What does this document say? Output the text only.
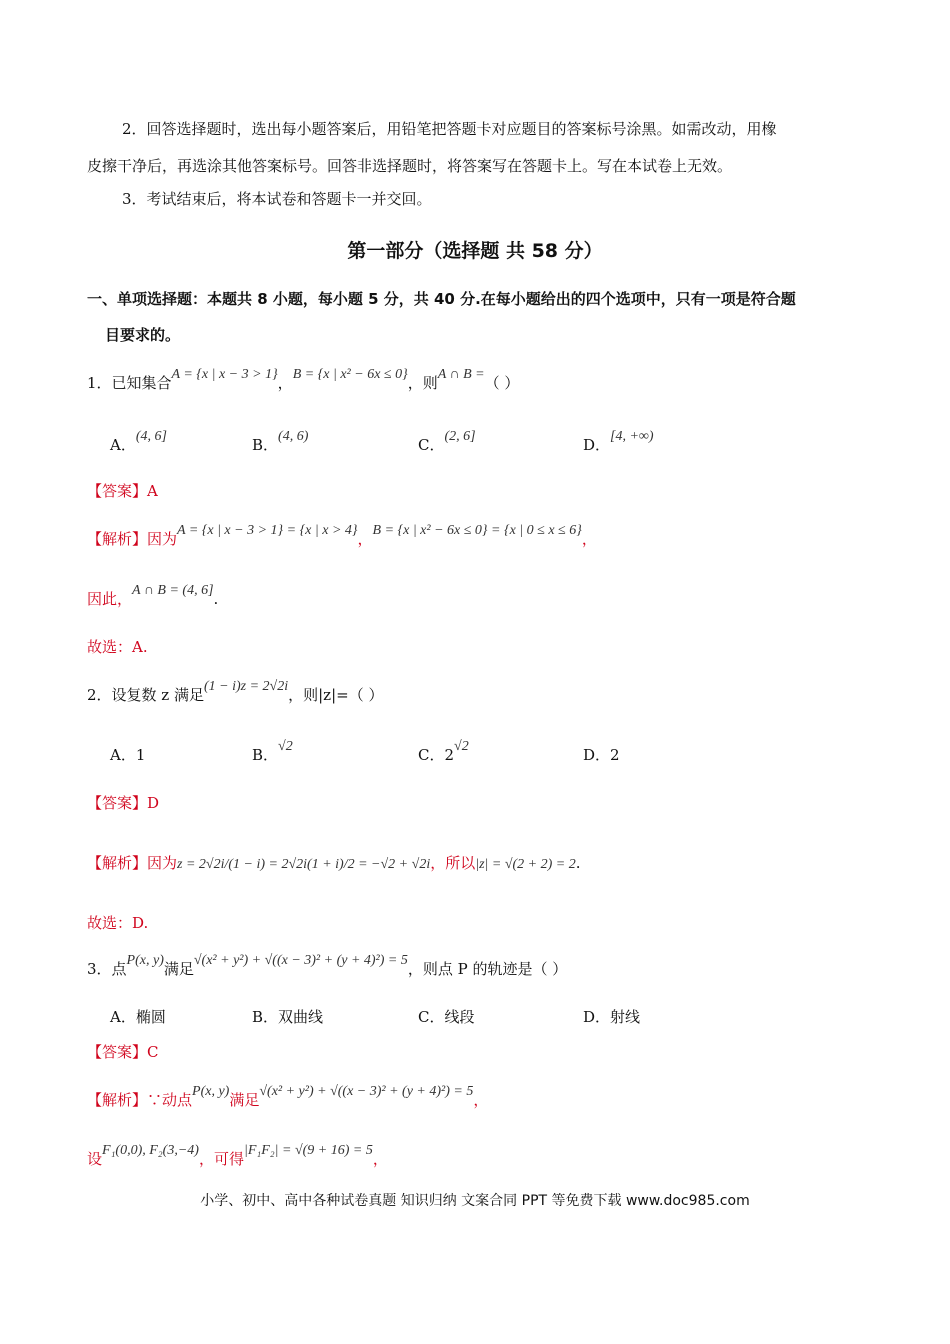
2．回答选择题时，选出每小题答案后，用铅笔把答题卡对应题目的答案标号涂黑。如需改动，用橡
皮擦干净后，再选涂其他答案标号。回答非选择题时，将答案写在答题卡上。写在本试卷上无效。
3．考试结束后，将本试卷和答题卡一并交回。
第一部分（选择题 共 58 分）
一、单项选择题：本题共 8 小题，每小题 5 分，共 40 分.在每小题给出的四个选项中，只有一项是符合题
目要求的。
1．已知集合A = {x | x − 3 > 1}，B = {x | x² − 6x ≤ 0}，则A ∩ B =（ ）
A．(4, 6]	B．(4, 6)	C．(2, 6]	D．[4, +∞)
【答案】A
【解析】因为A = {x | x − 3 > 1} = {x | x > 4}，B = {x | x² − 6x ≤ 0} = {x | 0 ≤ x ≤ 6}，
因此，A ∩ B = (4, 6].
故选：A.
2．设复数 z 满足(1 − i)z = 2√2i，则|z|=（ ）
A．1	B．√2	C．2√2	D．2
【答案】D
【解析】因为z = 2√2i/(1 − i) = 2√2i(1 + i)/2 = −√2 + √2i，所以|z| = √(2 + 2) = 2.
故选：D.
3．点P(x, y)满足√(x² + y²) + √((x − 3)² + (y + 4)²) = 5，则点 P 的轨迹是（ ）
A．椭圆	B．双曲线	C．线段	D．射线
【答案】C
【解析】∵动点P(x, y)满足√(x² + y²) + √((x − 3)² + (y + 4)²) = 5，
设F₁(0,0), F₂(3,−4)，可得|F₁F₂| = √(9 + 16) = 5，
小学、初中、高中各种试卷真题 知识归纳 文案合同 PPT 等免费下载 www.doc985.com
